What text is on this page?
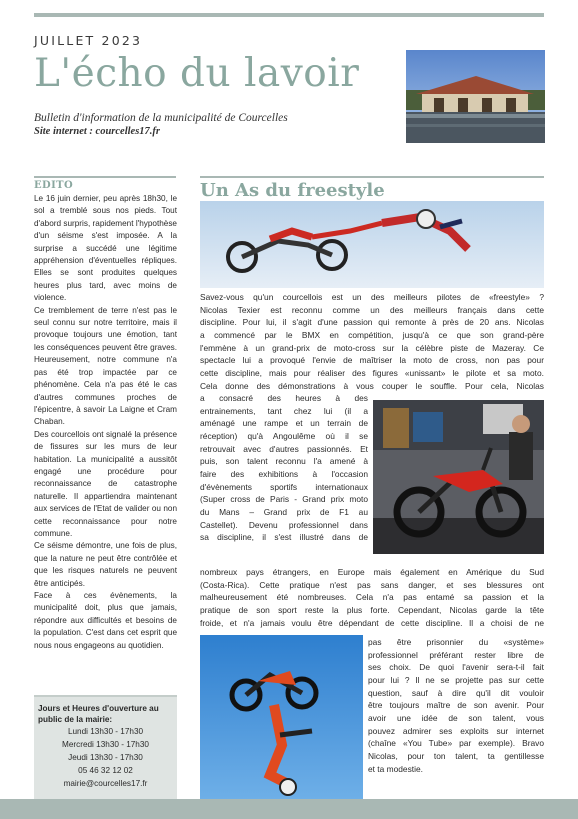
JUILLET 2023
L'écho du lavoir
Bulletin d'information de la municipalité de Courcelles
Site internet : courcelles17.fr
EDITO

Le 16 juin dernier, peu après 18h30, le sol a tremblé sous nos pieds. Tout d'abord surpris, rapidement l'hypothèse d'un séisme s'est imposée. A la surprise a succédé une légitime appréhension d'éventuelles répliques. Elles se sont produites quelques heures plus tard, avec moins de violence.

Ce tremblement de terre n'est pas le seul connu sur notre territoire, mais il provoque toujours une émotion, tant les conséquences peuvent être graves. Heureusement, notre commune n'a pas été trop impactée par ce phénomène. Cela n'a pas été le cas d'autres communes proches de l'épicentre, à savoir La Laigne et Cram Chaban.

Des courcellois ont signalé la présence de fissures sur les murs de leur habitation. La municipalité a aussitôt engagé une procédure pour reconnaissance de catastrophe naturelle. Il appartiendra maintenant aux services de l'Etat de valider ou non cette reconnaissance pour notre commune.

Ce séisme démontre, une fois de plus, que la nature ne peut être contrôlée et que les risques naturels ne peuvent être anticipés.

Face à ces évènements, la municipalité doit, plus que jamais, répondre aux difficultés et besoins de la population. C'est dans cet esprit que nous nous engageons au quotidien.

Jours et Heures d'ouverture au public de la mairie:
Lundi 13h30 - 17h30
Mercredi 13h30 - 17h30
Jeudi 13h30 - 17h30
05 46 32 12 02
mairie@courcelles17.fr
Un As du freestyle
Savez-vous qu'un courcellois est un des meilleurs pilotes de «freestyle» ?
Nicolas Texier est reconnu comme un des meilleurs français dans cette
discipline. Pour lui, il s'agit d'une passion qui remonte à près de 20 ans. Nicolas
a commencé par le BMX en compétition, jusqu'à ce que son grand-père
l'emmène à un grand-prix de moto-cross sur la célèbre piste de Mazeray. Ce
spectacle lui a provoqué l'envie de maîtriser la moto de cross, non pas pour
cette discipline, mais pour réaliser des figures «unissant» le pilote et sa moto.
Cela donne des démonstrations à vous couper le souffle. Pour cela, Nicolas
a consacré des heures à des
entrainements, tant chez lui (il a
aménagé une rampe et un terrain de
réception) qu'à Angoulême où il se
retrouvait avec d'autres passionnés. Et
puis, son talent reconnu l'a amené à
faire des exhibitions à l'occasion
d'évènements sportifs internationaux
(Super cross de Paris - Grand prix moto
du Mans – Grand prix de F1 au
Castellet). Devenu professionnel dans
sa discipline, il s'est illustré dans de
nombreux pays étrangers, en Europe mais également en Amérique du Sud
(Costa-Rica). Cette pratique n'est pas sans danger, et ses blessures ont
malheureusement été nombreuses. Cela n'a pas entamé sa passion et la
pratique de son sport reste la plus forte. Cependant, Nicolas garde la tête
froide, et n'a jamais voulu être dépendant de cette discipline. Il a choisi de ne
pas être prisonnier du «système»
professionnel préférant rester libre de
ses choix. De quoi l'avenir sera-t-il fait
pour lui ? Il ne se projette pas sur cette
question, sauf à dire qu'il dit vouloir
être toujours maître de son avenir. Pour
avoir une idée de son talent, vous
pouvez admirer ses exploits sur internet
(chaîne «You Tube» par exemple). Bravo
Nicolas, pour ton talent, ta gentillesse
et ta modestie.
